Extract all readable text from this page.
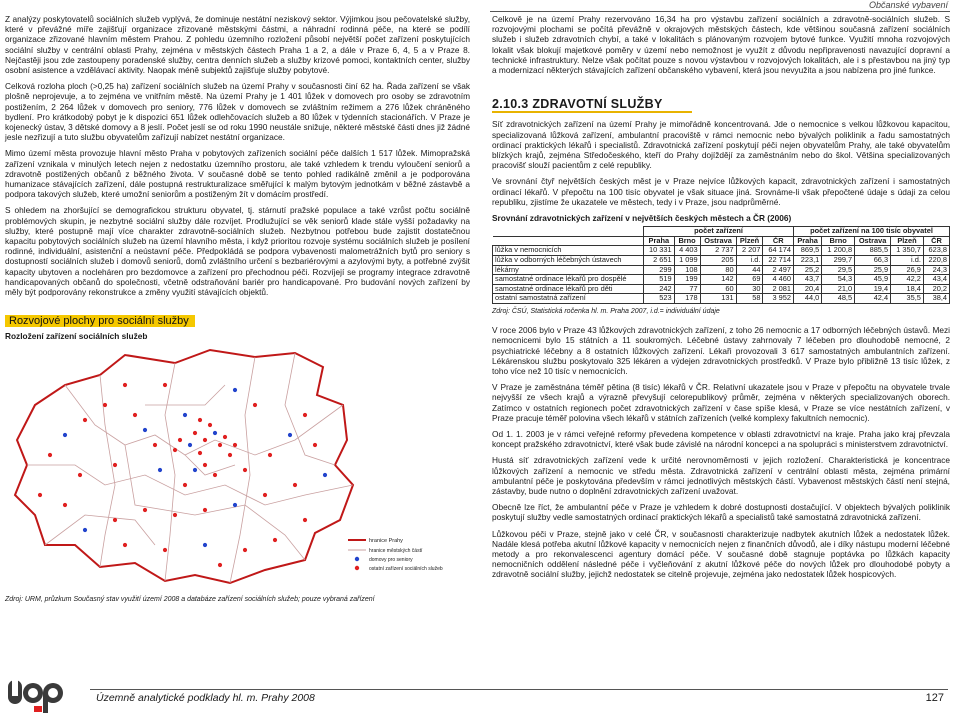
Občanské vybavení

Z analýzy poskytovatelů sociálních služeb vyplývá, že dominuje nestátní neziskový sektor. Výjimkou jsou pečovatelské služby, které v převážné míře zajišťují organizace zřizované městskými částmi, a náhradní rodinná péče, na které se podílí organizace zřizované hlavním městem Prahou. Z pohledu územního rozložení působí největší počet zařízení poskytujících sociální služby v centrální oblasti Prahy, zejména v městských částech Praha 1 a 2, a dále v Praze 6, 4, 5 a v Praze 8. Nejčastěji jsou zde zastoupeny poradenské služby, centra denních služeb a služby krizové pomoci, kontaktních center, služby osobní asistence a vzdělávací aktivity. Naopak méně subjektů zajišťuje služby pobytové.

Celková rozloha ploch (>0,25 ha) zařízení sociálních služeb na území Prahy v současnosti činí 62 ha. Řada zařízení se však plošně neprojevuje, a to zejména ve vnitřním městě. Na území Prahy je 1 401 lůžek v domovech pro osoby se zdravotním postižením, 2 264 lůžek v domovech pro seniory, 776 lůžek v domovech se zvláštním režimem a 276 lůžek chráněného bydlení. Pro krátkodobý pobyt je k dispozici 651 lůžek odlehčovacích služeb a 80 lůžek v týdenních stacionářích. V Praze je kojenecký ústav, 3 dětské domovy a 8 jeslí. Počet jeslí se od roku 1990 neustále snižuje, některé městské části dnes již žádné jesle nezřizují a tuto službu obyvatelům zařízují nabízet nestátní organizace.

Mimo území města provozuje hlavní město Praha v pobytových zařízeních sociální péče dalších 1 517 lůžek. Mimopražská zařízení vznikala v minulých letech nejen z nedostatku územního prostoru, ale také vzhledem k trendu vyloučení seniorů a zdravotně postižených občanů z běžného života. V současné době se tento pohled radikálně změnil a je podporována humanizace stávajících zařízení, dále postupná restrukturalizace směřující k malým bytovým jednotkám v běžné zástavbě a podpora takových služeb, které umožní seniorům a postiženým žít v domácím prostředí.

S ohledem na zhoršující se demografickou strukturu obyvatel, tj. stárnutí pražské populace a také vzrůst počtu sociálně problémových skupin, je nezbytné sociální služby dále rozvíjet. Prodlužující se věk seniorů klade stále vyšší požadavky na služby, které postupně mají více charakter zdravotně-sociálních služeb. Nezbytnou potřebou bude zajistit dostatečnou kapacitu pobytových sociálních služeb na území hlavního města, i když prioritou rozvoje systému sociálních služeb je posílení rodinné, individuální, asistenční a neústavní péče. Předpokládá se podpora vybavenosti malometrážních bytů pro seniory s dostupností sociálních služeb i domovů seniorů, domů zvláštního určení s bezbariérovými a azylovými byty, a potřebné zvýšit kapacity ubytoven a nocleháren pro bezdomovce a zařízení pro přechodnou péči. Rozvíjejí se programy integrace zdravotně handicapovaných občanů do společnosti, včetně odstraňování bariér pro handicapované. Pro budování nových zařízení by měly být podporovány rekonstrukce a změny využití stávajících objektů.

Rozvojové plochy pro sociální služby
Rozložení zařízení sociálních služeb
hranice Prahy
hranice městských částí
domovy pro seniory
ostatní zařízení sociálních služeb
Zdroj: URM, průzkum Současný stav využití území 2008 a databáze zařízení sociálních služeb; pouze vybraná zařízení

Celkově je na území Prahy rezervováno 16,34 ha pro výstavbu zařízení sociálních a zdravotně-sociálních služeb. S rozvojovými plochami se počítá převážně v okrajových městských částech, kde většinou současná zařízení sociálních služeb i služeb zdravotních chybí, a také v lokalitách s plánovaným rozvojem bytové funkce. Využití mnoha rozvojových lokalit však blokují majetkové poměry v území nebo nemožnost je využít z důvodu nepřipravenosti navazující dopravní a technické infrastruktury. Nelze však počítat pouze s novou výstavbou v rozvojových lokalitách, ale i s přestavbou na jiný typ a modernizací některých stávajících zařízení občanského vybavení, která jsou nevyužita a jsou nabízena pro jiné funkce.

2.10.3 ZDRAVOTNÍ SLUŽBY

Síť zdravotnických zařízení na území Prahy je mimořádně koncentrovaná. Jde o nemocnice s velkou lůžkovou kapacitou, specializovaná lůžková zařízení, ambulantní pracoviště v rámci nemocnic nebo bývalých poliklinik a řadu samostatných ordinací praktických lékařů i specialistů. Zdravotnická zařízení poskytují péči nejen obyvatelům Prahy, ale také obyvatelům blízkých krajů, zejména Středočeského, kteří do Prahy dojíždějí za zaměstnáním nebo do škol. Většina specializovaných pracovišť slouží pacientům z celé republiky.

Ve srovnání čtyř největších českých měst je v Praze nejvíce lůžkových kapacit, zdravotnických zařízení i samostatných ordinací lékařů. V přepočtu na 100 tisíc obyvatel je však situace jiná. Srovnáme-li však přepočtené údaje s údaji za celou republiku, zjistíme že ukazatele ve městech, tedy i v Praze, jsou nadprůměrné.

Srovnání zdravotnických zařízení v největších českých městech a ČR (2006)
	počet zařízení					počet zařízení na 100 tisíc obyvatel				
	Praha	Brno	Ostrava	Plzeň	ČR	Praha	Brno	Ostrava	Plzeň	ČR
lůžka v nemocnicích	10 331	4 403	2 737	2 207	64 174	869,5	1 200,8	885,5	1 350,7	623,8
lůžka v odborných léčebných ústavech	2 651	1 099	205	i.d.	22 714	223,1	299,7	66,3	i.d.	220,8
lékárny	299	108	80	44	2 497	25,2	29,5	25,9	26,9	24,3
samostatné ordinace lékařů pro dospělé	519	199	142	69	4 460	43,7	54,3	45,9	42,2	43,4
samostatné ordinace lékařů pro děti	242	77	60	30	2 081	20,4	21,0	19,4	18,4	20,2
ostatní samostatná zařízení	523	178	131	58	3 952	44,0	48,5	42,4	35,5	38,4
Zdroj: ČSÚ, Statistická ročenka hl. m. Praha 2007, i.d.= individuální údaje

V roce 2006 bylo v Praze 43 lůžkových zdravotnických zařízení, z toho 26 nemocnic a 17 odborných léčebných ústavů. Mezi nemocnicemi bylo 15 státních a 11 soukromých. Léčebné ústavy zahrnovaly 7 léčeben pro dlouhodobě nemocné, 2 psychiatrické léčebny a 8 ostatních lůžkových zařízení. Lékaři provozovali 3 617 samostatných ambulantních zařízení. Lékárenskou službu poskytovalo 325 lékáren a výdejen zdravotnických prostředků. V Praze bylo přibližně 13 tisíc lůžek, z toho více než 10 tisíc v nemocnicích.

V Praze je zaměstnána téměř pětina (8 tisíc) lékařů v ČR. Relativní ukazatele jsou v Praze v přepočtu na obyvatele trvale nejvyšší ze všech krajů a výrazně převyšují celorepublikový průměr, zejména v některých specializovaných oborech. Zatímco v ostatních regionech počet zdravotnických zařízení v čase spíše klesá, v Praze se více nestátních zařízení, v Praze pracuje téměř polovina všech lékařů v státních zařízeních (velké komplexy fakultních nemocnic).

Od 1. 1. 2003 je v rámci veřejné reformy převedena kompetence v oblasti zdravotnictví na kraje. Praha jako kraj převzala koncept pražského zdravotnictví, které však bude závislé na národní koncepci a na spolupráci s ministerstvem zdravotnictví.

Hustá síť zdravotnických zařízení vede k určité nerovnoměrnosti v jejich rozložení. Charakteristická je koncentrace lůžkových zařízení a nemocnic ve středu města. Zdravotnická zařízení v centrální oblasti města, zejména primární ambulantní péče je poskytována především v rámci jednotlivých městských částí. Vybavenost městských částí není stejná, zástavby, bude nutno o doplnění zdravotnických zařízení uvažovat.

Obecně lze říct, že ambulantní péče v Praze je vzhledem k dobré dostupnosti dostačující. V objektech bývalých poliklinik poskytují služby vedle samostatných ordinací praktických lékařů a specialistů také samostatná zdravotnická zařízení.

Lůžkovou péči v Praze, stejně jako v celé ČR, v současnosti charakterizuje nadbytek akutních lůžek a nedostatek lůžek. Nadále klesá potřeba akutní lůžkové kapacity v nemocnicích nejen z finančních důvodů, ale i díky nástupu moderní léčebné metody a pro rekonvalescenci agentury domácí péče. V současné době stagnuje poptávka po lůžkách kapacity nemocničních oddělení následné péče i vyčleňování z akutní lůžkové péče do nových lůžek pro dlouhodobé pobyty a zdravotně sociální služby, jejichž nedostatek se citelně projevuje, zejména jako nedostatek lůžek hospicových.

Územně analytické podklady hl. m. Prahy 2008	127
